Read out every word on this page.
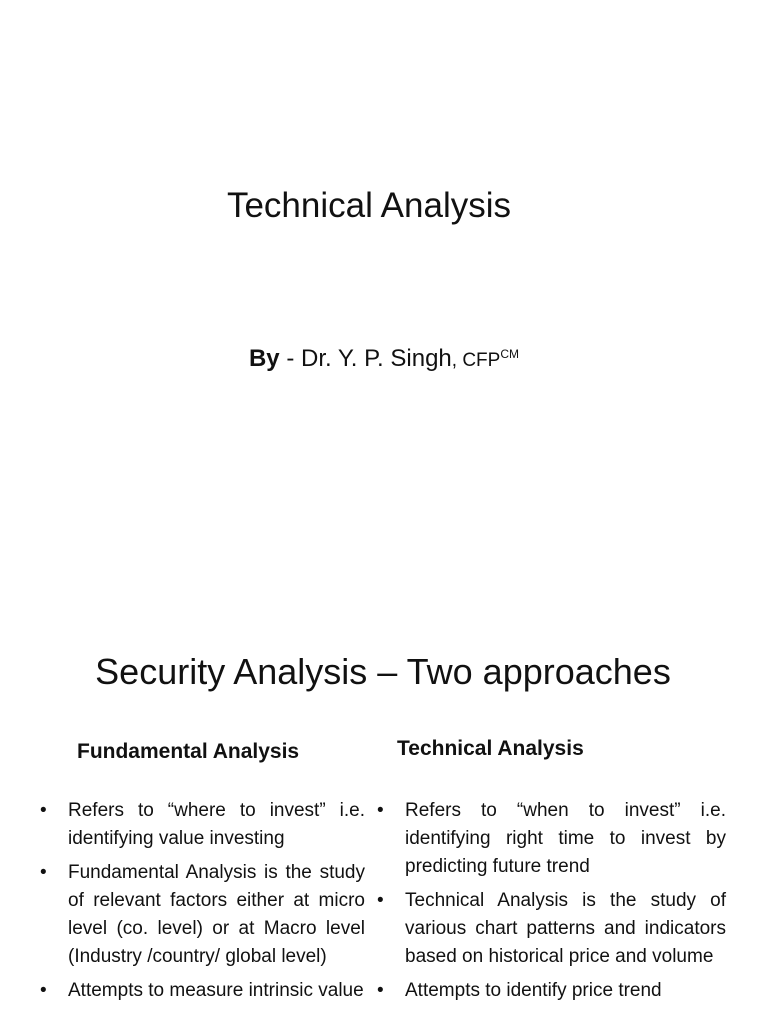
Technical Analysis

By - Dr. Y. P. Singh, $CFP^{CM}$

Security Analysis – Two approaches
Fundamental Analysis	Technical Analysis
• Refers to “where to invest” i.e. identifying value investing
• Fundamental Analysis is the study of relevant factors either at micro level (co. level) or at Macro level (Industry /country/ global level)
• Attempts to measure intrinsic value
• Refers to “when to invest” i.e. identifying right time to invest by predicting future trend
• Technical Analysis is the study of various chart patterns and indicators based on historical price and volume
• Attempts to identify price trend
